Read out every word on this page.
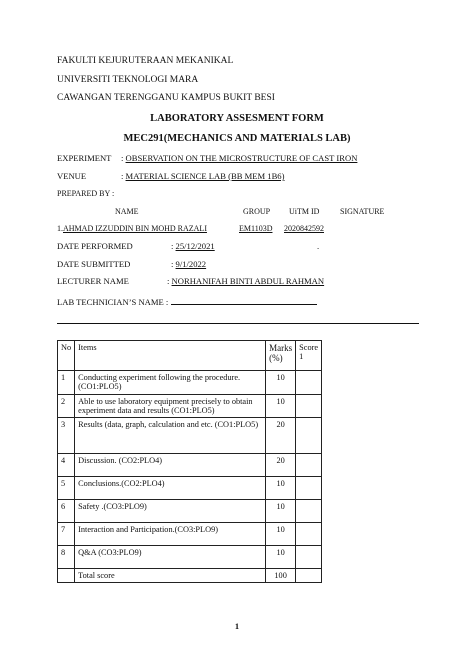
FAKULTI KEJURUTERAAN MEKANIKAL
UNIVERSITI TEKNOLOGI MARA
CAWANGAN TERENGGANU KAMPUS BUKIT BESI
LABORATORY ASSESMENT FORM
MEC291(MECHANICS AND MATERIALS LAB)
EXPERIMENT : OBSERVATION ON THE MICROSTRUCTURE OF CAST IRON
VENUE	: MATERIAL SCIENCE LAB (BB MEM 1B6)
PREPARED BY :
NAME	GROUP UiTM ID	SIGNATURE
1.AHMAD IZZUDDIN BIN MOHD RAZALI	EM1103D 2020842592
DATE PERFORMED	: 25/12/2021	.
DATE SUBMITTED	: 9/1/2022
LECTURER NAME	: NORHANIFAH BINTI ABDUL RAHMAN
LAB TECHNICIAN’S NAME :
No	Items	Marks (%)	Score 1
1	Conducting experiment following the procedure. (CO1:PLO5)	10	
2	Able to use laboratory equipment precisely to obtain experiment data and results (CO1:PLO5)	10	
3	Results (data, graph, calculation and etc. (CO1:PLO5)	20	
4	Discussion. (CO2:PLO4)	20	
5	Conclusions.(CO2:PLO4)	10	
6	Safety .(CO3:PLO9)	10	
7	Interaction and Participation.(CO3:PLO9)	10	
8	Q&A (CO3:PLO9)	10	
	Total score	100	
1
